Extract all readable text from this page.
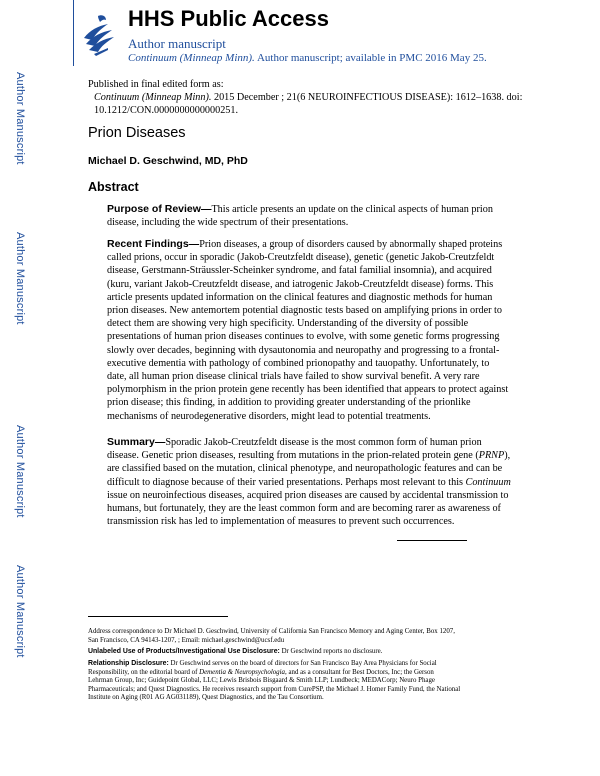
Author Manuscript
Author Manuscript
Author Manuscript
Author Manuscript
HHS Public Access
Author manuscript
Continuum (Minneap Minn). Author manuscript; available in PMC 2016 May 25.
Published in final edited form as:
Continuum (Minneap Minn). 2015 December ; 21(6 NEUROINFECTIOUS DISEASE): 1612–1638. doi:
10.1212/CON.0000000000000251.
Prion Diseases
Michael D. Geschwind, MD, PhD
Abstract
Purpose of Review—This article presents an update on the clinical aspects of human prion
disease, including the wide spectrum of their presentations.
Recent Findings—Prion diseases, a group of disorders caused by abnormally shaped proteins
called prions, occur in sporadic (Jakob-Creutzfeldt disease), genetic (genetic Jakob-Creutzfeldt
disease, Gerstmann-Sträussler-Scheinker syndrome, and fatal familial insomnia), and acquired
(kuru, variant Jakob-Creutzfeldt disease, and iatrogenic Jakob-Creutzfeldt disease) forms. This
article presents updated information on the clinical features and diagnostic methods for human
prion diseases. New antemortem potential diagnostic tests based on amplifying prions in order to
detect them are showing very high specificity. Understanding of the diversity of possible
presentations of human prion diseases continues to evolve, with some genetic forms progressing
slowly over decades, beginning with dysautonomia and neuropathy and progressing to a frontal-
executive dementia with pathology of combined prionopathy and tauopathy. Unfortunately, to
date, all human prion disease clinical trials have failed to show survival benefit. A very rare
polymorphism in the prion protein gene recently has been identified that appears to protect against
prion disease; this finding, in addition to providing greater understanding of the prionlike
mechanisms of neurodegenerative disorders, might lead to potential treatments.
Summary—Sporadic Jakob-Creutzfeldt disease is the most common form of human prion
disease. Genetic prion diseases, resulting from mutations in the prion-related protein gene (PRNP),
are classified based on the mutation, clinical phenotype, and neuropathologic features and can be
difficult to diagnose because of their varied presentations. Perhaps most relevant to this Continuum
issue on neuroinfectious diseases, acquired prion diseases are caused by accidental transmission to
humans, but fortunately, they are the least common form and are becoming rarer as awareness of
transmission risk has led to implementation of measures to prevent such occurrences.
Address correspondence to Dr Michael D. Geschwind, University of California San Francisco Memory and Aging Center, Box 1207,
San Francisco, CA 94143-1207, ; Email: michael.geschwind@ucsf.edu
Unlabeled Use of Products/Investigational Use Disclosure: Dr Geschwind reports no disclosure.
Relationship Disclosure: Dr Geschwind serves on the board of directors for San Francisco Bay Area Physicians for Social
Responsibility, on the editorial board of Dementia & Neuropsychologia, and as a consultant for Best Doctors, Inc; the Gerson
Lehrman Group, Inc; Guidepoint Global, LLC; Lewis Brisbois Bisgaard & Smith LLP; Lundbeck; MEDACorp; Neuro Phage
Pharmaceuticals; and Quest Diagnostics. He receives research support from CurePSP, the Michael J. Homer Family Fund, the National
Institute on Aging (R01 AG AG031189), Quest Diagnostics, and the Tau Consortium.
